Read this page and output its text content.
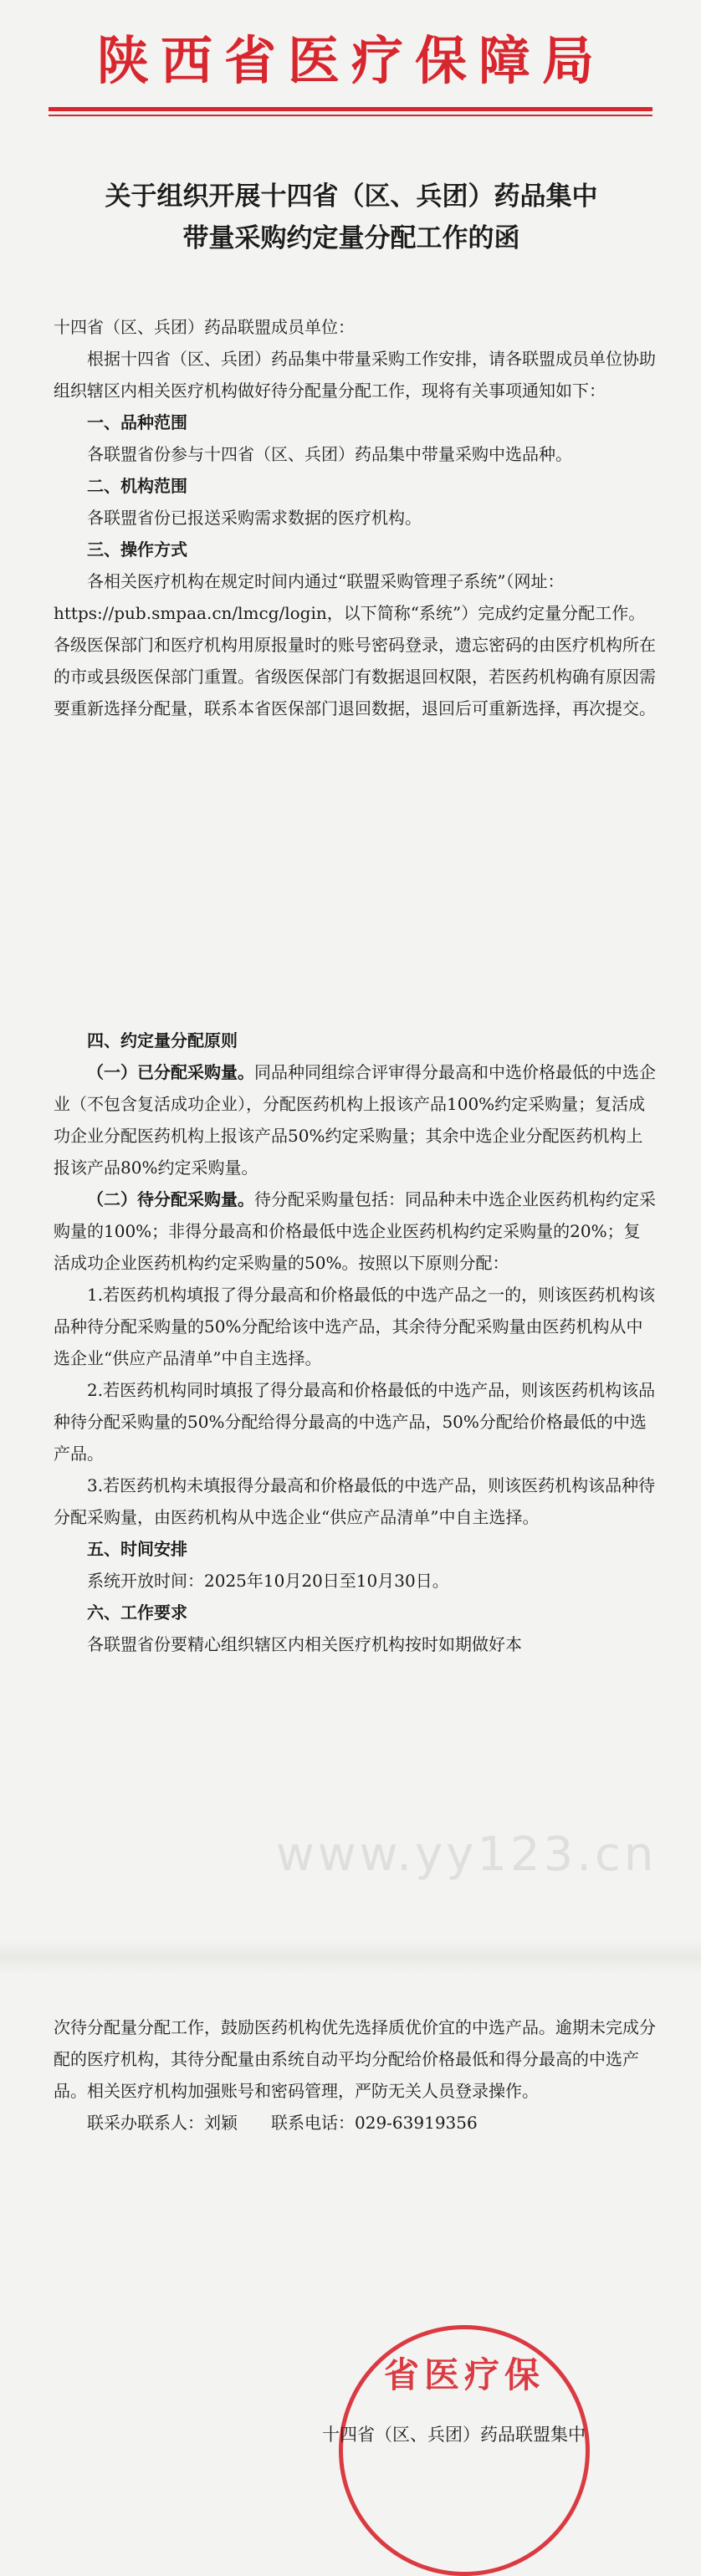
陕西省医疗保障局
关于组织开展十四省（区、兵团）药品集中
带量采购约定量分配工作的函

十四省（区、兵团）药品联盟成员单位：

根据十四省（区、兵团）药品集中带量采购工作安排，请各联盟成员单位协助组织辖区内相关医疗机构做好待分配量分配工作，现将有关事项通知如下：

一、品种范围

各联盟省份参与十四省（区、兵团）药品集中带量采购中选品种。

二、机构范围

各联盟省份已报送采购需求数据的医疗机构。

三、操作方式

各相关医疗机构在规定时间内通过“联盟采购管理子系统”（网址：https://pub.smpaa.cn/lmcg/login，以下简称“系统”）完成约定量分配工作。各级医保部门和医疗机构用原报量时的账号密码登录，遗忘密码的由医疗机构所在的市或县级医保部门重置。省级医保部门有数据退回权限，若医药机构确有原因需要重新选择分配量，联系本省医保部门退回数据，退回后可重新选择，再次提交。

四、约定量分配原则

（一）已分配采购量。同品种同组综合评审得分最高和中选价格最低的中选企业（不包含复活成功企业），分配医药机构上报该产品100%约定采购量；复活成功企业分配医药机构上报该产品50%约定采购量；其余中选企业分配医药机构上报该产品80%约定采购量。

（二）待分配采购量。待分配采购量包括：同品种未中选企业医药机构约定采购量的100%；非得分最高和价格最低中选企业医药机构约定采购量的20%；复活成功企业医药机构约定采购量的50%。按照以下原则分配：

1.若医药机构填报了得分最高和价格最低的中选产品之一的，则该医药机构该品种待分配采购量的50%分配给该中选产品，其余待分配采购量由医药机构从中选企业“供应产品清单”中自主选择。

2.若医药机构同时填报了得分最高和价格最低的中选产品，则该医药机构该品种待分配采购量的50%分配给得分最高的中选产品，50%分配给价格最低的中选产品。

3.若医药机构未填报得分最高和价格最低的中选产品，则该医药机构该品种待分配采购量，由医药机构从中选企业“供应产品清单”中自主选择。

五、时间安排

系统开放时间：2025年10月20日至10月30日。

六、工作要求

各联盟省份要精心组织辖区内相关医疗机构按时如期做好本

www.yy123.cn

次待分配量分配工作，鼓励医药机构优先选择质优价宜的中选产品。逾期未完成分配的医疗机构，其待分配量由系统自动平均分配给价格最低和得分最高的中选产品。相关医疗机构加强账号和密码管理，严防无关人员登录操作。

联采办联系人：刘颖　　联系电话：029-63919356

省医疗保
十四省（区、兵团）药品联盟集中
